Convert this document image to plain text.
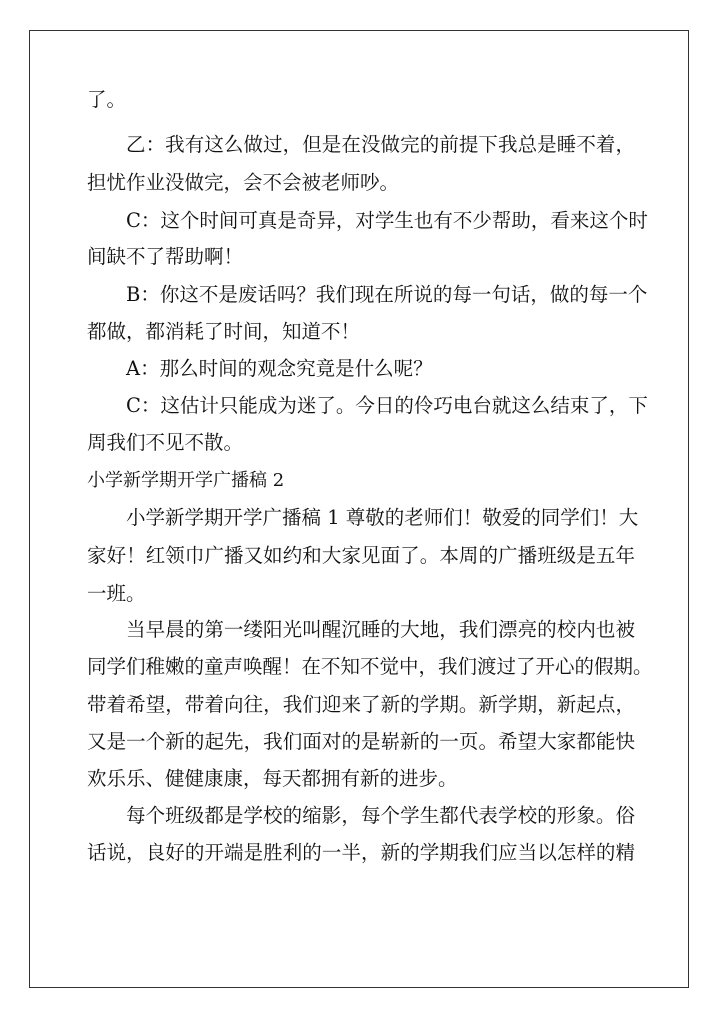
了。
乙：我有这么做过，但是在没做完的前提下我总是睡不着，
担忧作业没做完，会不会被老师吵。
C：这个时间可真是奇异，对学生也有不少帮助，看来这个时
间缺不了帮助啊！
B：你这不是废话吗？我们现在所说的每一句话，做的每一个
都做，都消耗了时间，知道不！
A：那么时间的观念究竟是什么呢？
C：这估计只能成为迷了。今日的伶巧电台就这么结束了，下
周我们不见不散。
小学新学期开学广播稿 2
小学新学期开学广播稿 1 尊敬的老师们！敬爱的同学们！大
家好！红领巾广播又如约和大家见面了。本周的广播班级是五年
一班。
当早晨的第一缕阳光叫醒沉睡的大地，我们漂亮的校内也被
同学们稚嫩的童声唤醒！在不知不觉中，我们渡过了开心的假期。
带着希望，带着向往，我们迎来了新的学期。新学期，新起点，
又是一个新的起先，我们面对的是崭新的一页。希望大家都能快
欢乐乐、健健康康，每天都拥有新的进步。
每个班级都是学校的缩影，每个学生都代表学校的形象。俗
话说，良好的开端是胜利的一半，新的学期我们应当以怎样的精
